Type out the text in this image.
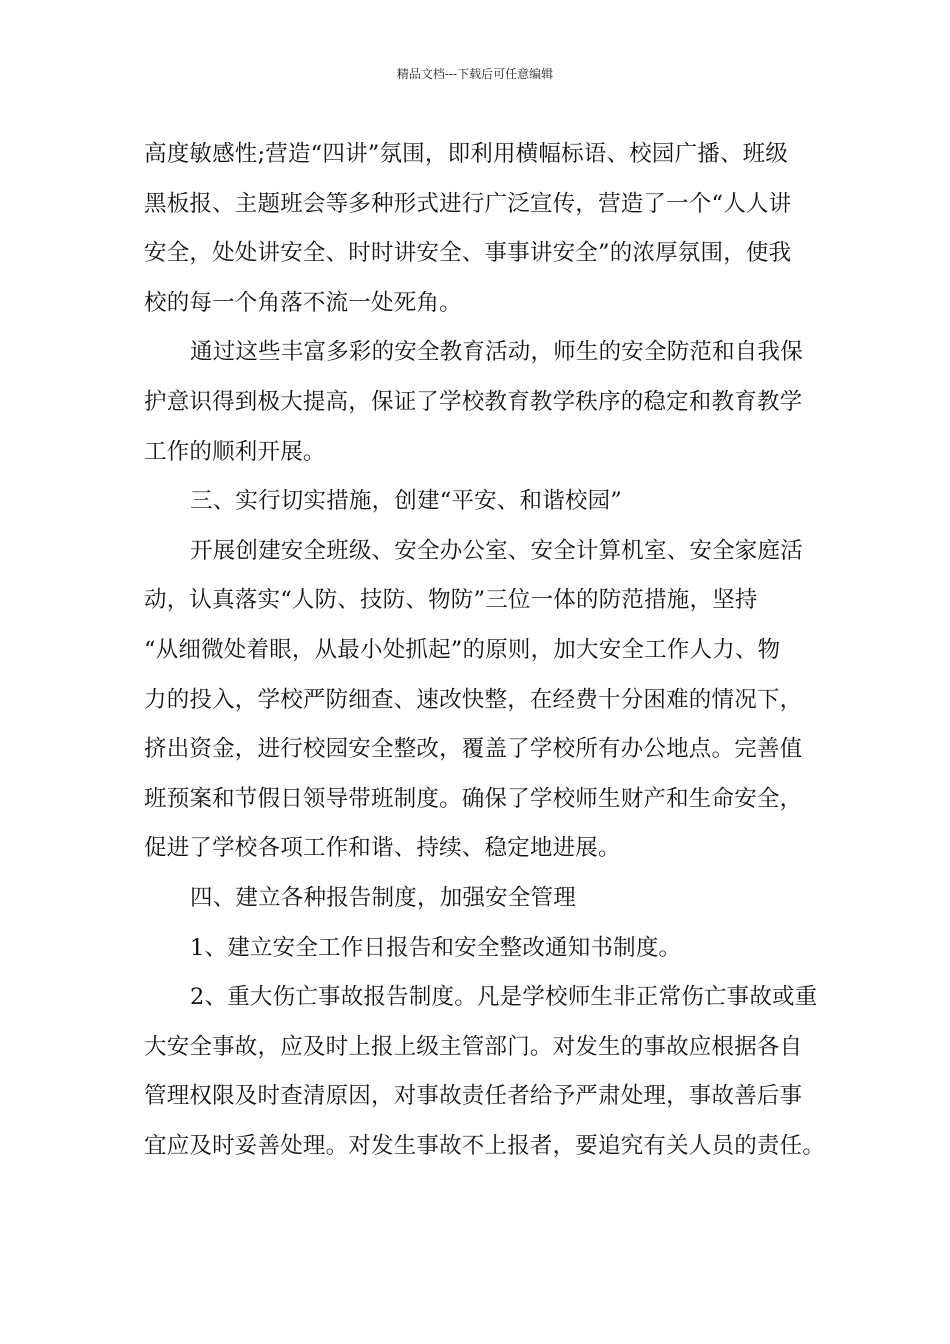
精品文档---下载后可任意编辑
高度敏感性;营造“四讲”氛围，即利用横幅标语、校园广播、班级
黑板报、主题班会等多种形式进行广泛宣传，营造了一个“人人讲
安全，处处讲安全、时时讲安全、事事讲安全”的浓厚氛围，使我
校的每一个角落不流一处死角。
通过这些丰富多彩的安全教育活动，师生的安全防范和自我保
护意识得到极大提高，保证了学校教育教学秩序的稳定和教育教学
工作的顺利开展。
三、实行切实措施，创建“平安、和谐校园”
开展创建安全班级、安全办公室、安全计算机室、安全家庭活
动，认真落实“人防、技防、物防”三位一体的防范措施，坚持
“从细微处着眼，从最小处抓起”的原则，加大安全工作人力、物
力的投入，学校严防细查、速改快整，在经费十分困难的情况下，
挤出资金，进行校园安全整改，覆盖了学校所有办公地点。完善值
班预案和节假日领导带班制度。确保了学校师生财产和生命安全，
促进了学校各项工作和谐、持续、稳定地进展。
四、建立各种报告制度，加强安全管理
1、建立安全工作日报告和安全整改通知书制度。
2、重大伤亡事故报告制度。凡是学校师生非正常伤亡事故或重
大安全事故，应及时上报上级主管部门。对发生的事故应根据各自
管理权限及时查清原因，对事故责任者给予严肃处理，事故善后事
宜应及时妥善处理。对发生事故不上报者，要追究有关人员的责任。
